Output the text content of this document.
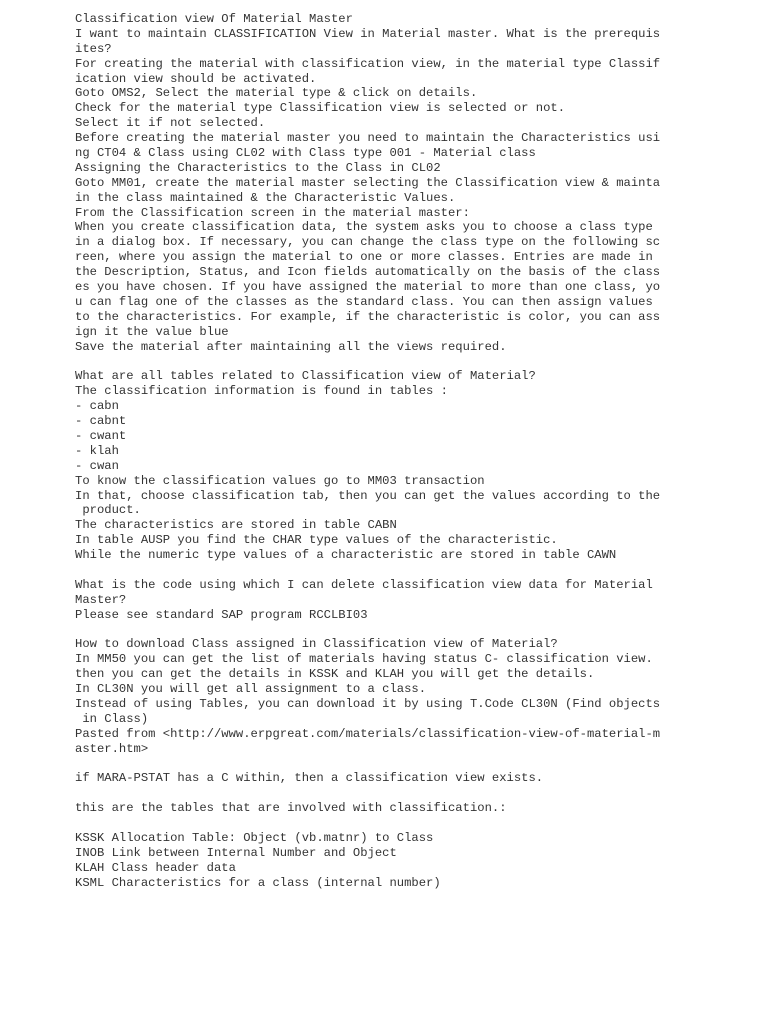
Classification view Of Material Master
I want to maintain CLASSIFICATION View in Material master. What is the prerequis
ites?
For creating the material with classification view, in the material type Classif
ication view should be activated.
Goto OMS2, Select the material type & click on details.
Check for the material type Classification view is selected or not.
Select it if not selected.
Before creating the material master you need to maintain the Characteristics usi
ng CT04 & Class using CL02 with Class type 001 - Material class
Assigning the Characteristics to the Class in CL02
Goto MM01, create the material master selecting the Classification view & mainta
in the class maintained & the Characteristic Values.
From the Classification screen in the material master:
When you create classification data, the system asks you to choose a class type
in a dialog box. If necessary, you can change the class type on the following sc
reen, where you assign the material to one or more classes. Entries are made in
the Description, Status, and Icon fields automatically on the basis of the class
es you have chosen. If you have assigned the material to more than one class, yo
u can flag one of the classes as the standard class. You can then assign values
to the characteristics. For example, if the characteristic is color, you can ass
ign it the value blue
Save the material after maintaining all the views required.
What are all tables related to Classification view of Material?
The classification information is found in tables :
- cabn
- cabnt
- cwant
- klah
- cwan
To know the classification values go to MM03 transaction
In that, choose classification tab, then you can get the values according to the
product.
The characteristics are stored in table CABN
In table AUSP you find the CHAR type values of the characteristic.
While the numeric type values of a characteristic are stored in table CAWN
What is the code using which I can delete classification view data for Material
Master?
Please see standard SAP program RCCLBI03
How to download Class assigned in Classification view of Material?
In MM50 you can get the list of materials having status C- classification view.
then you can get the details in KSSK and KLAH you will get the details.
In CL30N you will get all assignment to a class.
Instead of using Tables, you can download it by using T.Code CL30N (Find objects
in Class)
Pasted from <http://www.erpgreat.com/materials/classification-view-of-material-m
aster.htm>
if MARA-PSTAT has a C within, then a classification view exists.
this are the tables that are involved with classification.:
KSSK Allocation Table: Object (vb.matnr) to Class
INOB Link between Internal Number and Object
KLAH Class header data
KSML Characteristics for a class (internal number)
